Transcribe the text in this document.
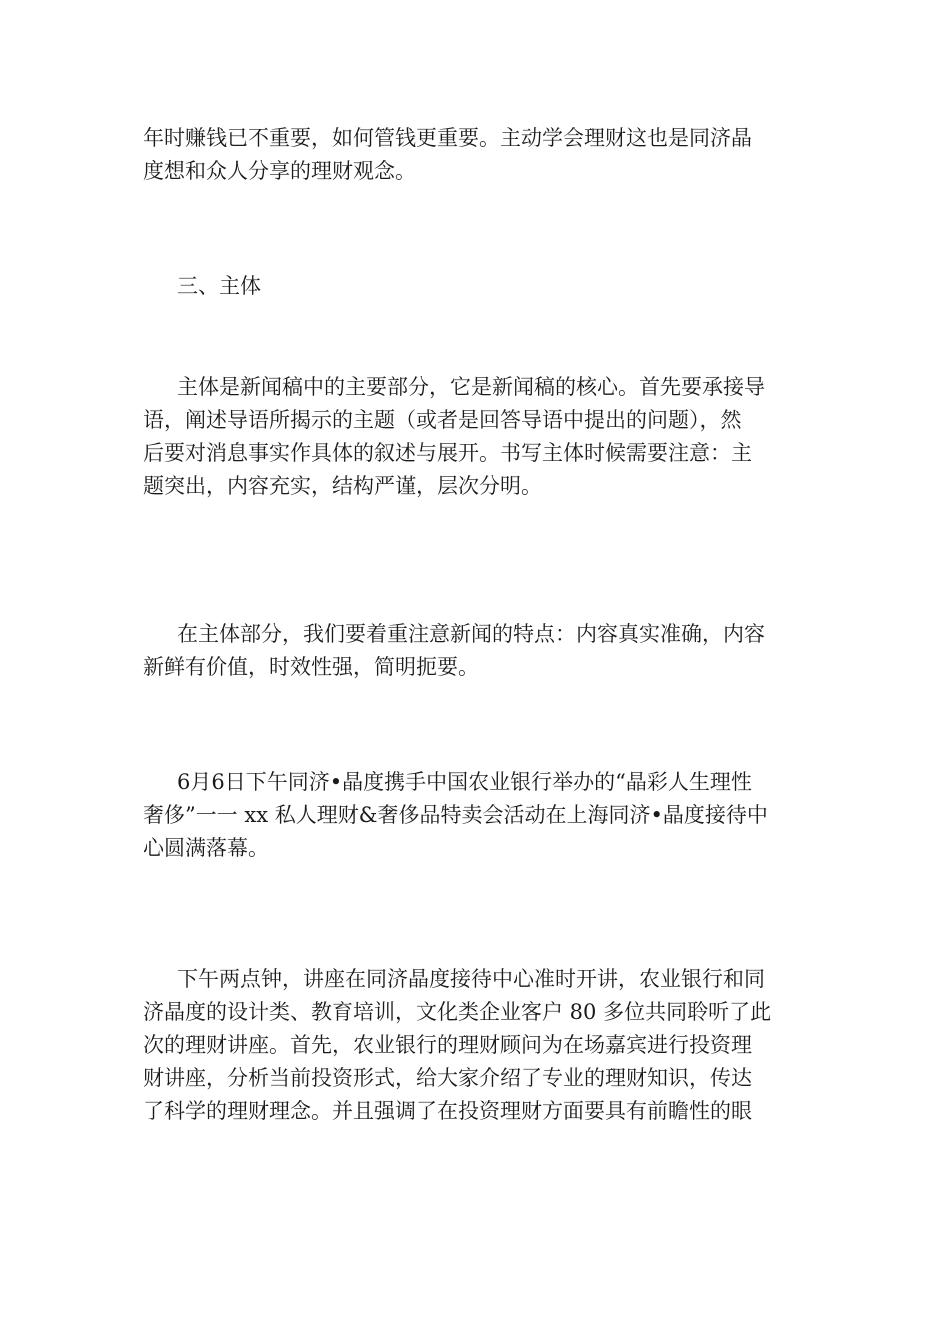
年时赚钱已不重要，如何管钱更重要。主动学会理财这也是同济晶
度想和众人分享的理财观念。
三、主体
主体是新闻稿中的主要部分，它是新闻稿的核心。首先要承接导
语，阐述导语所揭示的主题（或者是回答导语中提出的问题），然
后要对消息事实作具体的叙述与展开。书写主体时候需要注意：主
题突出，内容充实，结构严谨，层次分明。
在主体部分，我们要着重注意新闻的特点：内容真实准确，内容
新鲜有价值，时效性强，简明扼要。
6月6日下午同济•晶度携手中国农业银行举办的“晶彩人生理性
奢侈”一一 xx 私人理财&奢侈品特卖会活动在上海同济•晶度接待中
心圆满落幕。
下午两点钟，讲座在同济晶度接待中心准时开讲，农业银行和同
济晶度的设计类、教育培训，文化类企业客户 80 多位共同聆听了此
次的理财讲座。首先，农业银行的理财顾问为在场嘉宾进行投资理
财讲座，分析当前投资形式，给大家介绍了专业的理财知识，传达
了科学的理财理念。并且强调了在投资理财方面要具有前瞻性的眼
